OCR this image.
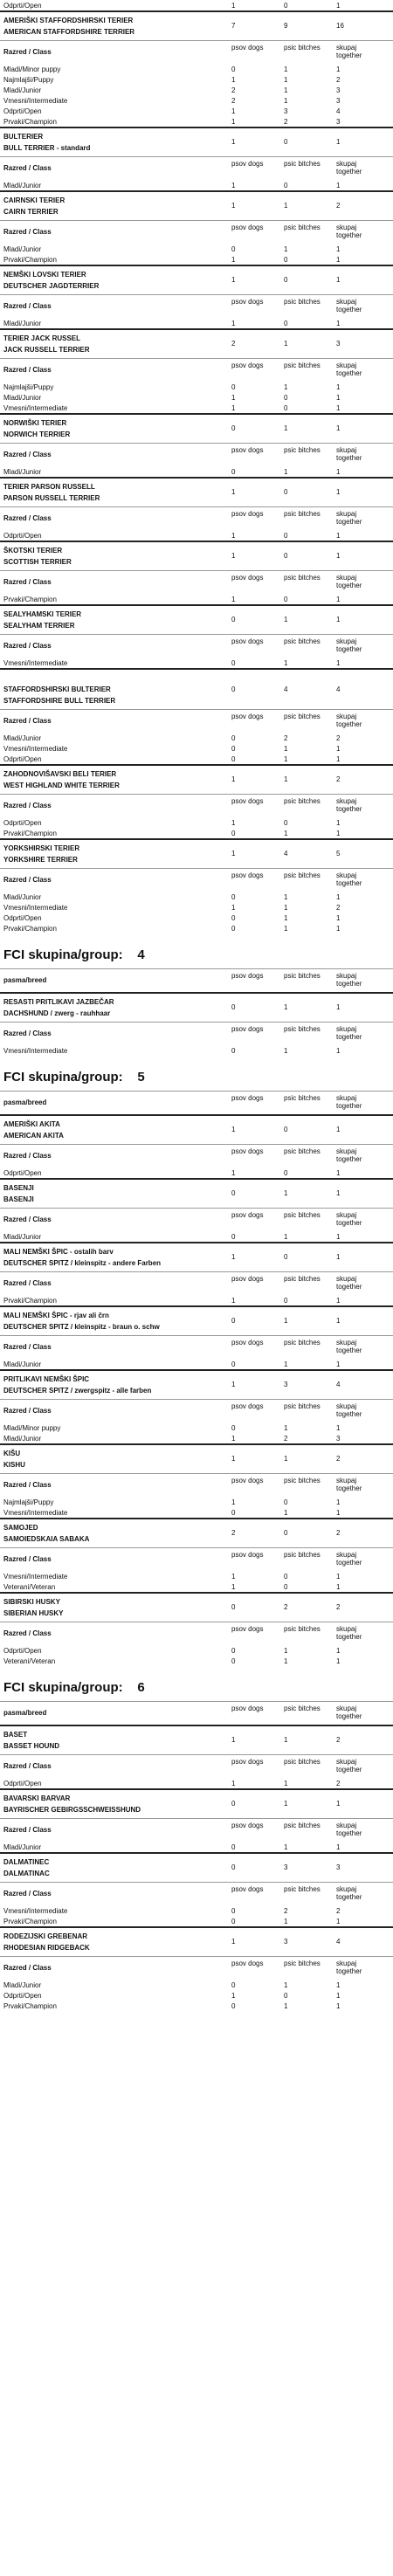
Odprti/Open	1	0	1
AMERIŠKI STAFFORDSHIRSKI TERIER
AMERICAN STAFFORDSHIRE TERRIER
7	9	16
Razred / Class
psov dogs	psic bitches	skupaj together
Mladi/Minor puppy	0	1	1
Najmlajši/Puppy	1	1	2
Mladi/Junior	2	1	3
Vmesni/Intermediate	2	1	3
Odprti/Open	1	3	4
Prvaki/Champion	1	2	3
BULTERIER
BULL TERRIER - standard
1	0	1
Razred / Class
psov dogs	psic bitches	skupaj together
Mladi/Junior	1	0	1
CAIRNSKI TERIER
CAIRN TERRIER
1	1	2
Razred / Class
psov dogs	psic bitches	skupaj together
Mladi/Junior	0	1	1
Prvaki/Champion	1	0	1
NEMŠKI LOVSKI TERIER
DEUTSCHER JAGDTERRIER
1	0	1
Razred / Class
psov dogs	psic bitches	skupaj together
Mladi/Junior	1	0	1
TERIER JACK RUSSEL
JACK RUSSELL TERRIER
2	1	3
Razred / Class
psov dogs	psic bitches	skupaj together
Najmlajši/Puppy	0	1	1
Mladi/Junior	1	0	1
Vmesni/Intermediate	1	0	1
NORWIŠKI TERIER
NORWICH TERRIER
0	1	1
Razred / Class
psov dogs	psic bitches	skupaj together
Mladi/Junior	0	1	1
TERIER PARSON RUSSELL
PARSON RUSSELL TERRIER
1	0	1
Razred / Class
psov dogs	psic bitches	skupaj together
Odprti/Open	1	0	1
ŠKOTSKI TERIER
SCOTTISH TERRIER
1	0	1
Razred / Class
psov dogs	psic bitches	skupaj together
Prvaki/Champion	1	0	1
SEALYHAMSKI TERIER
SEALYHAM TERRIER
0	1	1
Razred / Class
psov dogs	psic bitches	skupaj together
Vmesni/Intermediate	0	1	1

STAFFORDSHIRSKI BULTERIER
STAFFORDSHIRE BULL TERRIER
0	4	4
Razred / Class
psov dogs	psic bitches	skupaj together
Mladi/Junior	0	2	2
Vmesni/Intermediate	0	1	1
Odprti/Open	0	1	1
ZAHODNOVIŠAVSKI BELI TERIER
WEST HIGHLAND WHITE TERRIER
1	1	2
Razred / Class
psov dogs	psic bitches	skupaj together
Odprti/Open	1	0	1
Prvaki/Champion	0	1	1
YORKSHIRSKI TERIER
YORKSHIRE TERRIER
1	4	5
Razred / Class
psov dogs	psic bitches	skupaj together
Mladi/Junior	0	1	1
Vmesni/Intermediate	1	1	2
Odprti/Open	0	1	1
Prvaki/Champion	0	1	1
FCI skupina/group: 4
pasma/breed
psov dogs	psic bitches	skupaj together
RESASTI PRITLIKAVI JAZBEČAR
DACHSHUND / zwerg - rauhhaar
0	1	1
Razred / Class
psov dogs	psic bitches	skupaj together
Vmesni/Intermediate	0	1	1
FCI skupina/group: 5
pasma/breed
psov dogs	psic bitches	skupaj together
AMERIŠKI AKITA
AMERICAN AKITA
1	0	1
Razred / Class
psov dogs	psic bitches	skupaj together
Odprti/Open	1	0	1
BASENJI
BASENJI
0	1	1
Razred / Class
psov dogs	psic bitches	skupaj together
Mladi/Junior	0	1	1
MALI NEMŠKI ŠPIC - ostalih barv
DEUTSCHER SPITZ / kleinspitz - andere Farben
1	0	1
Razred / Class
psov dogs	psic bitches	skupaj together
Prvaki/Champion	1	0	1
MALI NEMŠKI ŠPIC - rjav ali črn
DEUTSCHER SPITZ / kleinspitz - braun o. schw
0	1	1
Razred / Class
psov dogs	psic bitches	skupaj together
Mladi/Junior	0	1	1
PRITLIKAVI NEMŠKI ŠPIC
DEUTSCHER SPITZ / zwergspitz - alle farben
1	3	4
Razred / Class
psov dogs	psic bitches	skupaj together
Mladi/Minor puppy	0	1	1
Mladi/Junior	1	2	3
KIŠU
KISHU
1	1	2
Razred / Class
psov dogs	psic bitches	skupaj together
Najmlajši/Puppy	1	0	1
Vmesni/Intermediate	0	1	1
SAMOJED
SAMOIEDSKAIA SABAKA
2	0	2
Razred / Class
psov dogs	psic bitches	skupaj together
Vmesni/Intermediate	1	0	1
Veterani/Veteran	1	0	1
SIBIRSKI HUSKY
SIBERIAN HUSKY
0	2	2
Razred / Class
psov dogs	psic bitches	skupaj together
Odprti/Open	0	1	1
Veterani/Veteran	0	1	1
FCI skupina/group: 6
pasma/breed
psov dogs	psic bitches	skupaj together
BASET
BASSET HOUND
1	1	2
Razred / Class
psov dogs	psic bitches	skupaj together
Odprti/Open	1	1	2
BAVARSKI BARVAR
BAYRISCHER GEBIRGSSCHWEISSHUND
0	1	1
Razred / Class
psov dogs	psic bitches	skupaj together
Mladi/Junior	0	1	1
DALMATINEC
DALMATINAC
0	3	3
Razred / Class
psov dogs	psic bitches	skupaj together
Vmesni/Intermediate	0	2	2
Prvaki/Champion	0	1	1
RODEZIJSKI GREBENAR
RHODESIAN RIDGEBACK
1	3	4
Razred / Class
psov dogs	psic bitches	skupaj together
Mladi/Junior	0	1	1
Odprti/Open	1	0	1
Prvaki/Champion	0	1	1
